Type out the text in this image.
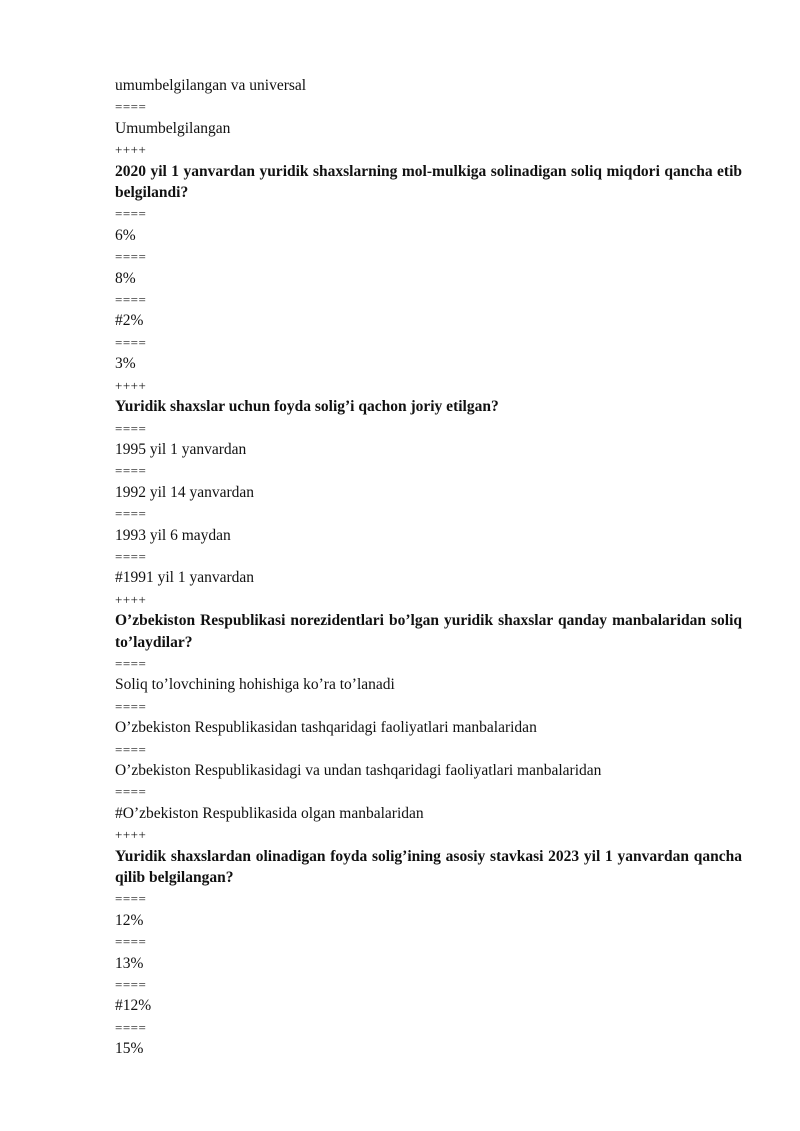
umumbelgilangan va universal
====
Umumbelgilangan
++++
2020 yil 1 yanvardan yuridik shaxslarning mol-mulkiga solinadigan soliq miqdori qancha etib belgilandi?
====
6%
====
8%
====
#2%
====
3%
++++
Yuridik shaxslar uchun foyda solig’i qachon joriy etilgan?
====
1995 yil 1 yanvardan
====
1992 yil 14 yanvardan
====
1993 yil 6 maydan
====
#1991 yil 1 yanvardan
++++
O’zbekiston Respublikasi norezidentlari bo’lgan yuridik shaxslar qanday manbalaridan soliq to’laydilar?
====
Soliq to’lovchining hohishiga ko’ra to’lanadi
====
O’zbekiston Respublikasidan tashqaridagi faoliyatlari manbalaridan
====
O’zbekiston Respublikasidagi va undan tashqaridagi faoliyatlari manbalaridan
====
#O’zbekiston Respublikasida olgan manbalaridan
++++
Yuridik shaxslardan olinadigan foyda solig’ining asosiy stavkasi 2023 yil 1 yanvardan qancha qilib belgilangan?
====
12%
====
13%
====
#12%
====
15%
